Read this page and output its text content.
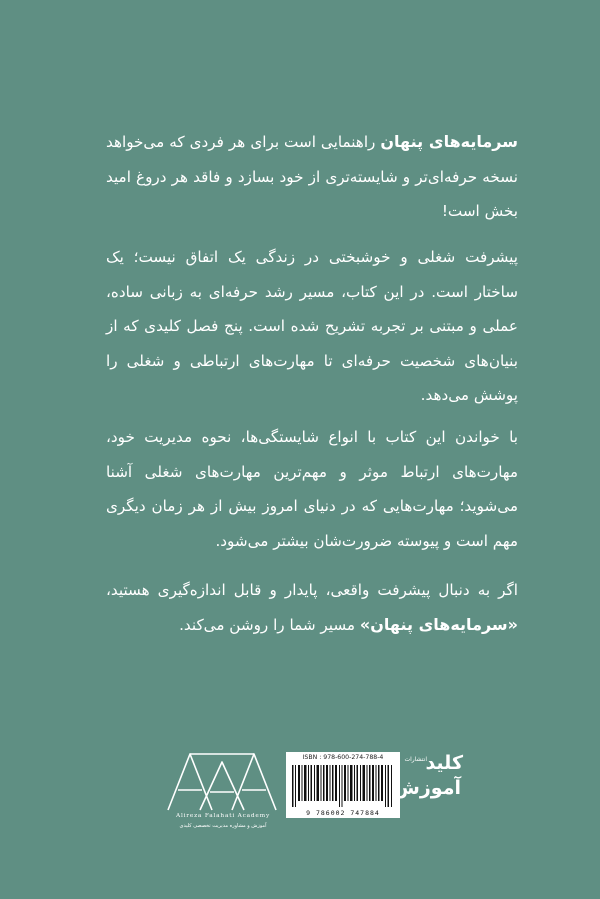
سرمایه‌های پنهان راهنمایی است برای هر فردی که می‌خواهد نسخه حرفه‌ای‌تر و شایسته‌تری از خود بسازد و فاقد هر دروغ امید بخش است!

پیشرفت شغلی و خوشبختی در زندگی یک اتفاق نیست؛ یک ساختار است. در این کتاب، مسیر رشد حرفه‌ای به زبانی ساده، عملی و مبتنی بر تجربه تشریح شده است. پنج فصل کلیدی که از بنیان‌های شخصیت حرفه‌ای تا مهارت‌های ارتباطی و شغلی را پوشش می‌دهد.

با خواندن این کتاب با انواع شایستگی‌ها، نحوه مدیریت خود، مهارت‌های ارتباط موثر و مهم‌ترین مهارت‌های شغلی آشنا می‌شوید؛ مهارت‌هایی که در دنیای امروز بیش از هر زمان دیگری مهم است و پیوسته ضرورت‌شان بیشتر می‌شود.

اگر به دنبال پیشرفت واقعی، پایدار و قابل اندازه‌گیری هستید، «سرمایه‌های پنهان» مسیر شما را روشن می‌کند.

Alireza Falahati Academy
آموزش و مشاوره مدیریت تخصصی کلیدی
ISBN : 978-600-274-788-4
9 786002 747884
انتشارات
کلید
آموزش
